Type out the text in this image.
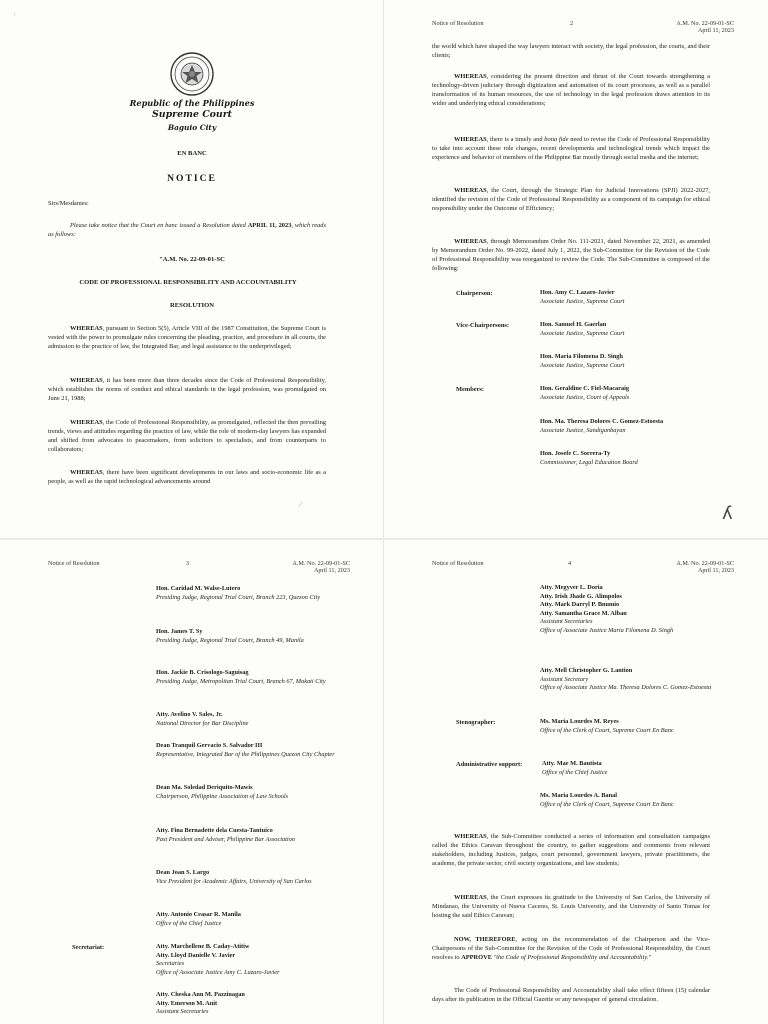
Republic of the Philippines
Supreme Court
Baguio City
EN BANC
NOTICE
Sirs/Mesdames:
Please take notice that the Court en banc issued a Resolution dated APRIL 11, 2023, which reads as follows:
"A.M. No. 22-09-01-SC
CODE OF PROFESSIONAL RESPONSIBILITY AND ACCOUNTABILITY
RESOLUTION
WHEREAS, pursuant to Section 5(5), Article VIII of the 1987 Constitution, the Supreme Court is vested with the power to promulgate rules concerning the pleading, practice, and procedure in all courts, the admission to the practice of law, the Integrated Bar, and legal assistance to the underprivileged;
WHEREAS, it has been more than three decades since the Code of Professional Responsibility, which establishes the norms of conduct and ethical standards in the legal profession, was promulgated on June 21, 1988;
WHEREAS, the Code of Professional Responsibility, as promulgated, reflected the then prevailing trends, views and attitudes regarding the practice of law, while the role of modern-day lawyers has expanded and shifted from advocates to peacemakers, from solicitors to specialists, and from counterparts to collaborators;
WHEREAS, there have been significant developments in our laws and socio-economic life as a people, as well as the rapid technological advancements around
ʹ
⁄
Notice of Resolution	2	A.M. No. 22-09-01-SC
April 11, 2023
the world which have shaped the way lawyers interact with society, the legal profession, the courts, and their clients;
WHEREAS, considering the present direction and thrust of the Court towards strengthening a technology-driven judiciary through digitization and automation of its court processes, as well as a parallel transformation of its human resources, the use of technology in the legal profession draws attention to its wider and underlying ethical considerations;
WHEREAS, there is a timely and bona fide need to revise the Code of Professional Responsibility to take into account these role changes, recent developments and technological trends which impact the experience and behavior of members of the Philippine Bar mostly through social media and the internet;
WHEREAS, the Court, through the Strategic Plan for Judicial Innovations (SPJI) 2022-2027, identified the revision of the Code of Professional Responsibility as a component of its campaign for ethical responsibility under the Outcome of Efficiency;
WHEREAS, through Memorandum Order No. 111-2021, dated November 22, 2021, as amended by Memorandum Order No. 99-2022, dated July 1, 2022, the Sub-Committee for the Revision of the Code of Professional Responsibility was reorganized to review the Code. The Sub-Committee is composed of the following:
Chairperson:	Hon. Amy C. Lazaro-Javier
Associate Justice, Supreme Court
Vice-Chairpersons:	Hon. Samuel H. Gaerlan
Associate Justice, Supreme Court
Hon. Maria Filomena D. Singh
Associate Justice, Supreme Court
Members:	Hon. Geraldine C. Fiel-Macaraig
Associate Justice, Court of Appeals
Hon. Ma. Theresa Dolores C. Gomez-Estoesta
Associate Justice, Sandiganbayan
Hon. Josefe C. Sorrera-Ty
Commissioner, Legal Education Board
ʎ
Notice of Resolution	3	A.M. No. 22-09-01-SC
April 11, 2023
Hon. Caridad M. Walse-Lutero
Presiding Judge, Regional Trial Court, Branch 223, Quezon City
Hon. James T. Sy
Presiding Judge, Regional Trial Court, Branch 49, Manila
Hon. Jackie B. Crisologo-Saguisag
Presiding Judge, Metropolitan Trial Court, Branch 67, Makati City
Atty. Avelino V. Sales, Jr.
National Director for Bar Discipline
Dean Tranquil Gervacio S. Salvador III
Representative, Integrated Bar of the Philippines Quezon City Chapter
Dean Ma. Soledad Deriquito-Mawis
Chairperson, Philippine Association of Law Schools
Atty. Fina Bernadette dela Cuesta-Tantuico
Past President and Adviser, Philippine Bar Association
Dean Joan S. Largo
Vice President for Academic Affairs, University of San Carlos
Atty. Antonio Ceasar R. Manila
Office of the Chief Justice
Secretariat:	Atty. Marchellene B. Caday-Atitiw
Atty. Lloyd Danielle V. Javier
Secretaries
Office of Associate Justice Amy C. Lazaro-Javier
Atty. Cheska Ann M. Pazziuagan
Atty. Emerson M. Anit
Assistant Secretaries
Notice of Resolution	4	A.M. No. 22-09-01-SC
April 11, 2023
Atty. Megyver L. Doria
Atty. Irish Jhade G. Alimpolos
Atty. Mark Darryl P. Bnumio
Atty. Samantha Grace M. Alban
Assistant Secretaries
Office of Associate Justice Maria Filomena D. Singh
Atty. Mell Christopher G. Lantion
Assistant Secretary
Office of Associate Justice Ma. Theresa Dolores C. Gomez-Estoesta
Stenographer:	Ms. Maria Lourdes M. Reyes
Office of the Clerk of Court, Supreme Court En Banc
Administrative support:	Atty. Mae M. Bautista
Office of the Chief Justice
Ms. Maria Lourdes A. Banal
Office of the Clerk of Court, Supreme Court En Banc
WHEREAS, the Sub-Committee conducted a series of information and consultation campaigns called the Ethics Caravan throughout the country, to gather suggestions and comments from relevant stakeholders, including Justices, judges, court personnel, government lawyers, private practitioners, the academe, the private sector, civil society organizations, and law students;
WHEREAS, the Court expresses its gratitude to the University of San Carlos, the University of Mindanao, the University of Nueva Caceres, St. Louis University, and the University of Santo Tomas for hosting the said Ethics Caravan;
NOW, THEREFORE, acting on the recommendation of the Chairperson and the Vice-Chairpersons of the Sub-Committee for the Revision of the Code of Professional Responsibility, the Court resolves to APPROVE "the Code of Professional Responsibility and Accountability."
The Code of Professional Responsibility and Accountability shall take effect fifteen (15) calendar days after its publication in the Official Gazette or any newspaper of general circulation.
